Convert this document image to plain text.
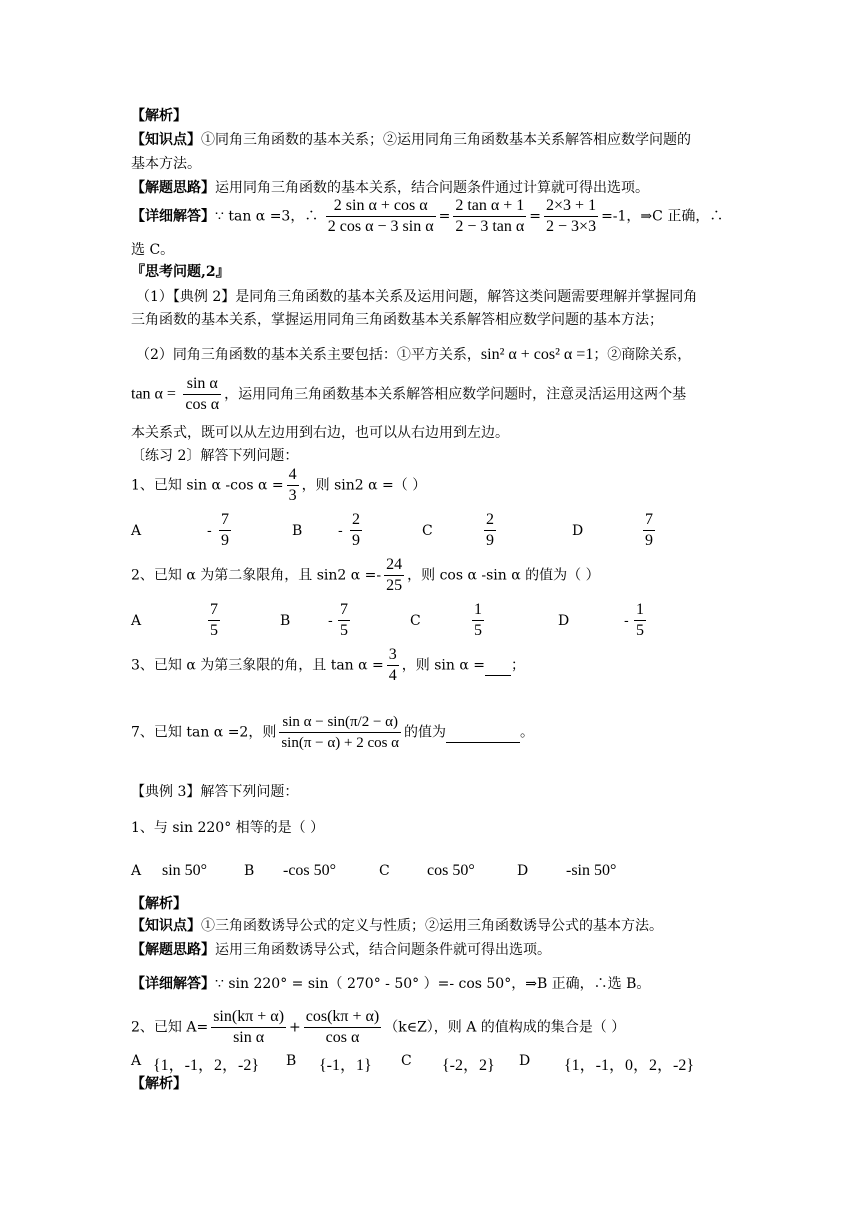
【解析】
【知识点】①同角三角函数的基本关系；②运用同角三角函数基本关系解答相应数学问题的
基本方法。
【解题思路】运用同角三角函数的基本关系，结合问题条件通过计算就可得出选项。
【详细解答】∵ tan α =3，∴ $\frac{\text{2 sin α + cos α}}{\text{2 cos α − 3 sin α}} = \frac{\text{2 tan α + 1}}{\text{2 − 3 tan α}} = \frac{2\times 3 + 1}{2 - 3\times 3} =-1$，⇒C 正确，∴
选 C。
『思考问题,2』
（1）【典例 2】是同角三角函数的基本关系及运用问题，解答这类问题需要理解并掌握同角
三角函数的基本关系，掌握运用同角三角函数基本关系解答相应数学问题的基本方法；
（2）同角三角函数的基本关系主要包括：①平方关系，sin² α + cos² α =1；②商除关系，
$\tan \alpha = \frac{\text{sin α}}{\text{cos α}}$ ，运用同角三角函数基本关系解答相应数学问题时，注意灵活运用这两个基
本关系式，既可以从左边用到右边，也可以从右边用到左边。
〔练习 2〕解答下列问题：
1、已知 sin α -cos $\alpha = \frac{4}{3}$ ，则 sin2 α =（ ）
A	- $\frac{7}{9}$	B	- $\frac{2}{9}$	C	$\frac{2}{9}$	D	$\frac{7}{9}$
2、已知 α 为第二象限角，且 sin2 $\alpha =- \frac{24}{25}$ ，则 cos α -sin α 的值为（ ）
A	$\frac{7}{5}$	B	- $\frac{7}{5}$	C	$\frac{1}{5}$	D	- $\frac{1}{5}$
3、已知 α 为第三象限的角，且 $\tan \alpha = \frac{3}{4}$ ，则 sin α = ；
7、已知 tan α =2，则 $\frac{\text{sin α − sin(π/2 − α)}}{\text{sin(π − α) + 2 cos α}}$ 的值为	。
【典例 3】解答下列问题：
1、与 sin 220° 相等的是（ ）
A sin 50°	B -cos 50°	C cos 50°	D -sin 50°
【解析】
【知识点】①三角函数诱导公式的定义与性质；②运用三角函数诱导公式的基本方法。
【解题思路】运用三角函数诱导公式，结合问题条件就可得出选项。
【详细解答】∵ sin 220° = sin（ 270° - 50° ）=- cos 50°，⇒B 正确，∴选 B。
2、已知 $A= \frac{\sin(k\pi + \alpha)}{\text{sin α}} + \frac{\cos(k\pi + \alpha)}{\text{cos α}}$ （k∈Z），则 A 的值构成的集合是（ ）
A {1，-1，2，-2} B {-1，1} C {-2，2} D {1，-1，0，2，-2}
【解析】
